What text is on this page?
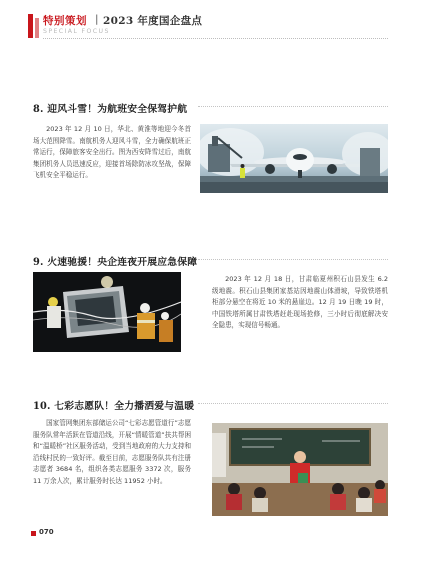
特别策划 | 2023 年度国企盘点
SPECIAL FOCUS
8. 迎风斗雪！为航班安全保驾护航
2023 年 12 月 10 日，华北、黄淮等地迎今冬首场大范围降雪。南航机务人迎风斗雪，全力确保航班正常运行，保障旅客安全出行。图为西安降雪过后，南航集团机务人员迅速反应，迎接首场除防冰攻坚战，保障飞机安全平稳运行。
9. 火速驰援！央企连夜开展应急保障
2023 年 12 月 18 日，甘肃临夏州积石山县发生 6.2 级地震。积石山县集团家基站因地震山体滑坡，导致铁塔机柜部分悬空在将近 10 米的悬崖边。12 月 19 日晚 19 时，中国铁塔所属甘肃铁塔赶赴现场抢修，三小时后彻底解决安全隐患，实现信号畅通。
10. 七彩志愿队！全力播洒爱与温暖
国家管网集团东部储运公司“七彩志愿管道行”志愿服务队常年活跃在管道沿线，开展“情暖管道”扶共帮困和“温暖桥”社区服务活动，受到当地政府的大力支持和沿线村民的一致好评。截至目前，志愿服务队共有注册志愿者 3684 名，组织各类志愿服务 3372 次，服务 11 万余人次，累计服务时长达 11952 小时。
070
